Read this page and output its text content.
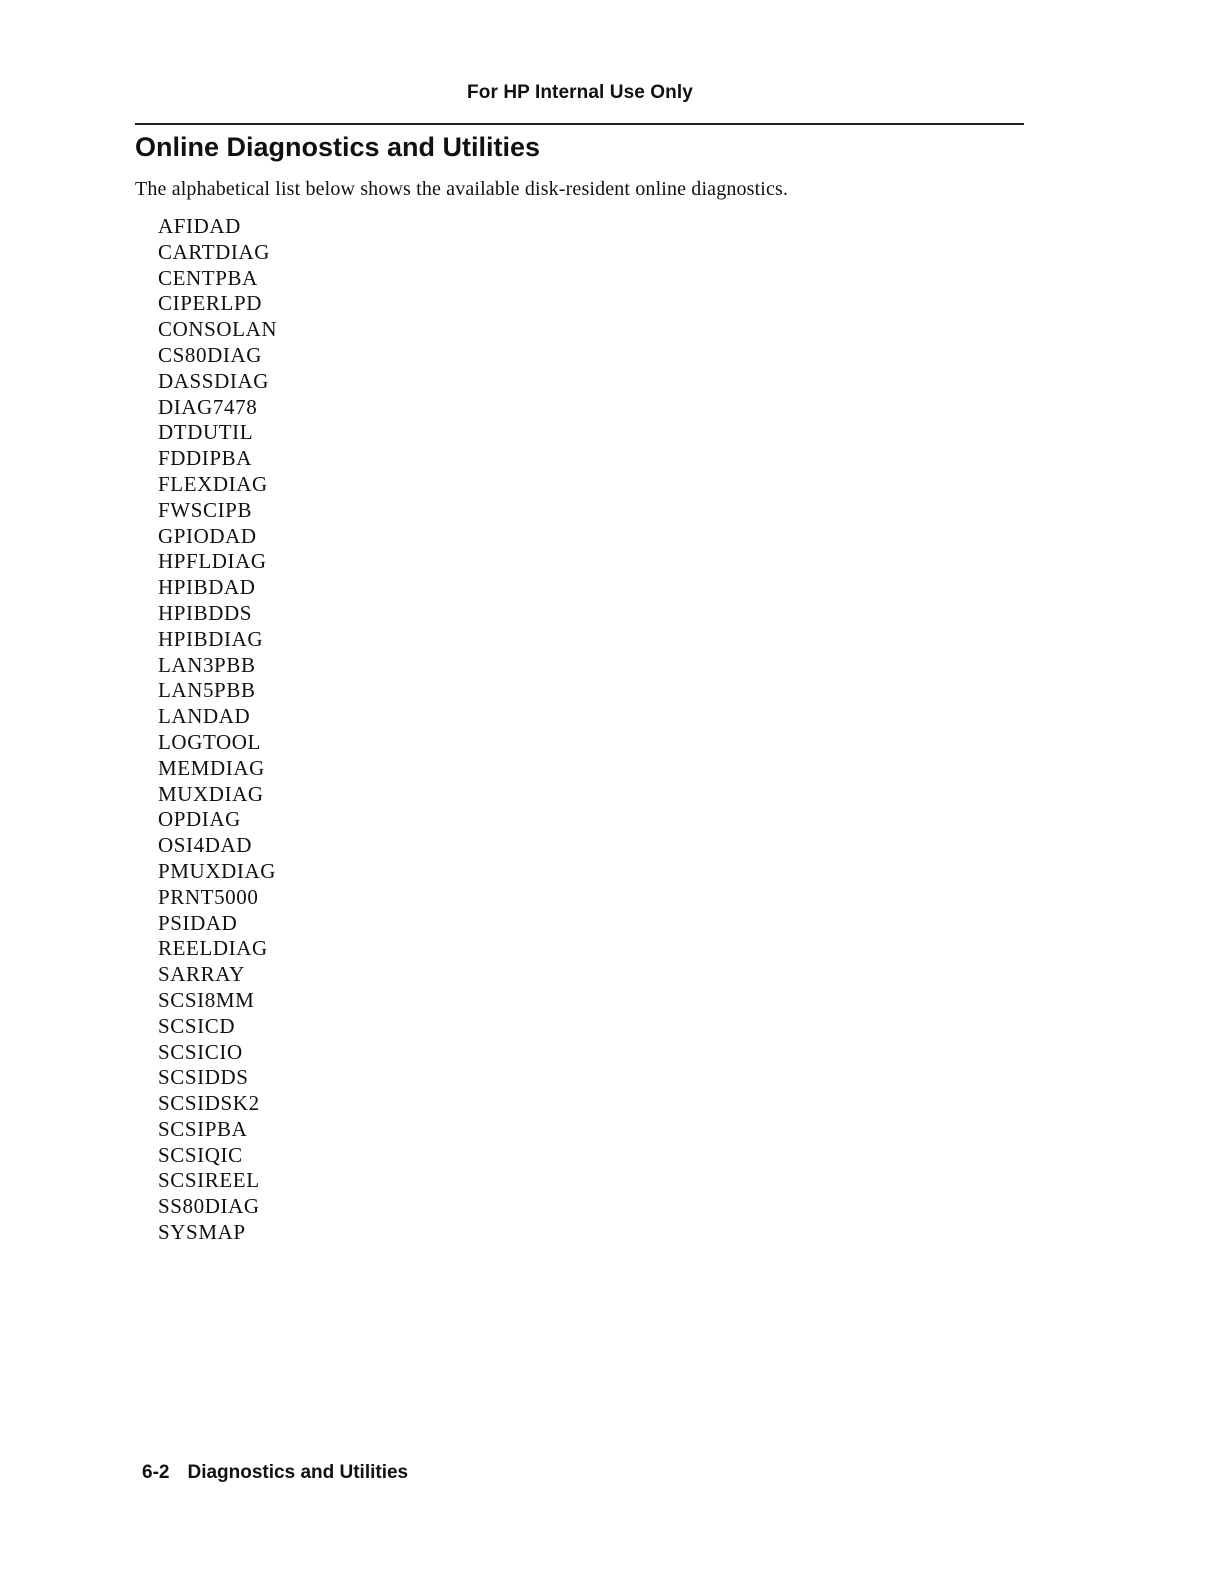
For HP Internal Use Only
Online Diagnostics and Utilities

The alphabetical list below shows the available disk-resident online diagnostics.

AFIDAD
CARTDIAG
CENTPBA
CIPERLPD
CONSOLAN
CS80DIAG
DASSDIAG
DIAG7478
DTDUTIL
FDDIPBA
FLEXDIAG
FWSCIPB
GPIODAD
HPFLDIAG
HPIBDAD
HPIBDDS
HPIBDIAG
LAN3PBB
LAN5PBB
LANDAD
LOGTOOL
MEMDIAG
MUXDIAG
OPDIAG
OSI4DAD
PMUXDIAG
PRNT5000
PSIDAD
REELDIAG
SARRAY
SCSI8MM
SCSICD
SCSICIO
SCSIDDS
SCSIDSK2
SCSIPBA
SCSIQIC
SCSIREEL
SS80DIAG
SYSMAP
6-2 Diagnostics and Utilities
